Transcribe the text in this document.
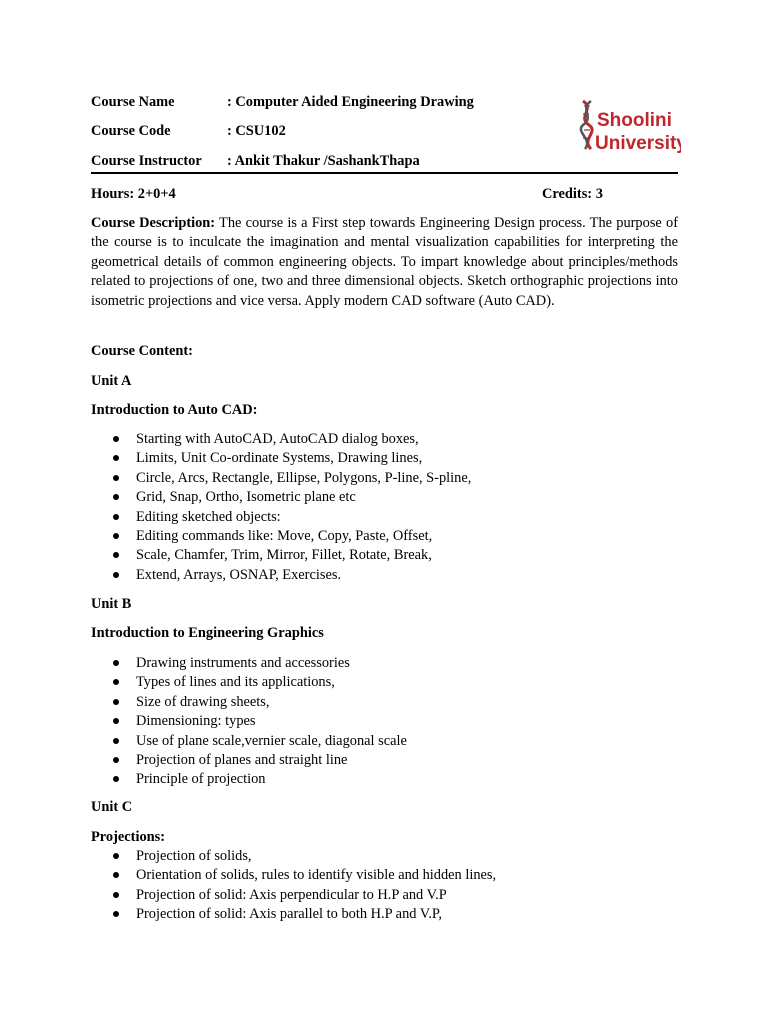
Course Name	: Computer Aided Engineering Drawing
Course Code	: CSU102
Course Instructor : Ankit Thakur /SashankThapa
Shoolini
University
Hours: 2+0+4	Credits: 3

Course Description: The course is a First step towards Engineering Design process. The purpose of the course is to inculcate the imagination and mental visualization capabilities for interpreting the geometrical details of common engineering objects. To impart knowledge about principles/methods related to projections of one, two and three dimensional objects. Sketch orthographic projections into isometric projections and vice versa. Apply modern CAD software (Auto CAD).

Course Content:

Unit A

Introduction to Auto CAD:

Starting with AutoCAD, AutoCAD dialog boxes,
Limits, Unit Co-ordinate Systems, Drawing lines,
Circle, Arcs, Rectangle, Ellipse, Polygons, P-line, S-pline,
Grid, Snap, Ortho, Isometric plane etc
Editing sketched objects:
Editing commands like: Move, Copy, Paste, Offset,
Scale, Chamfer, Trim, Mirror, Fillet, Rotate, Break,
Extend, Arrays, OSNAP, Exercises.

Unit B

Introduction to Engineering Graphics

Drawing instruments and accessories
Types of lines and its applications,
Size of drawing sheets,
Dimensioning: types
Use of plane scale,vernier scale, diagonal scale
Projection of planes and straight line
Principle of projection

Unit C

Projections:

Projection of solids,
Orientation of solids, rules to identify visible and hidden lines,
Projection of solid: Axis perpendicular to H.P and V.P
Projection of solid: Axis parallel to both H.P and V.P,
